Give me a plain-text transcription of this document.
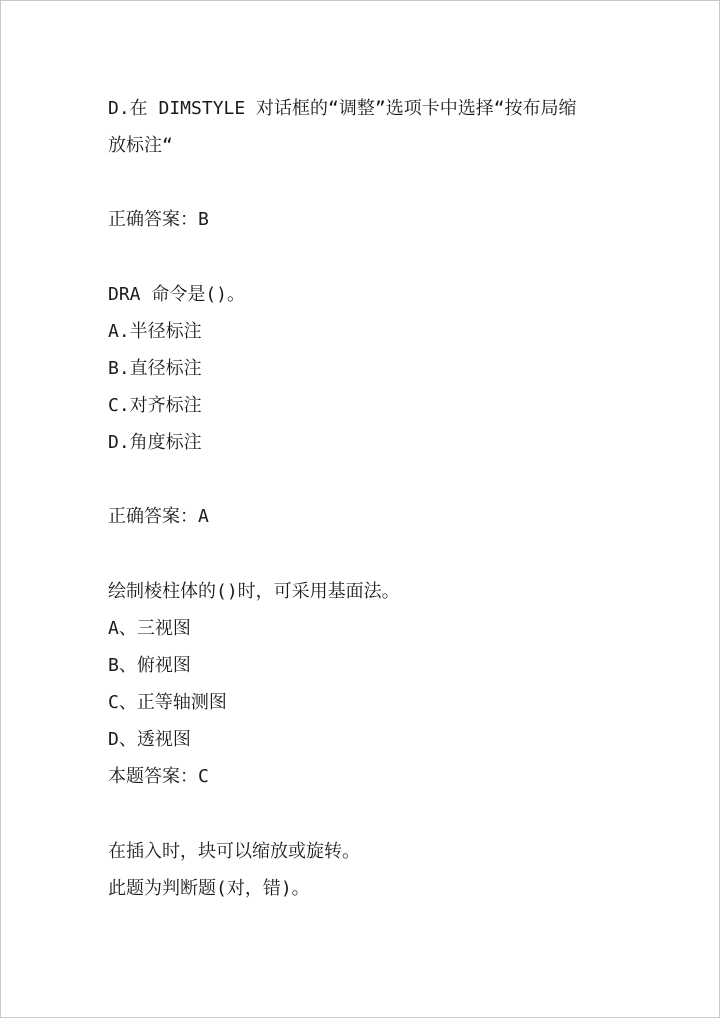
D.在 DIMSTYLE 对话框的“调整”选项卡中选择“按布局缩
放标注“
正确答案：B
DRA 命令是()。
A.半径标注
B.直径标注
C.对齐标注
D.角度标注
正确答案：A
绘制棱柱体的()时，可采用基面法。
A、三视图
B、俯视图
C、正等轴测图
D、透视图
本题答案：C
在插入时，块可以缩放或旋转。
此题为判断题(对，错)。
